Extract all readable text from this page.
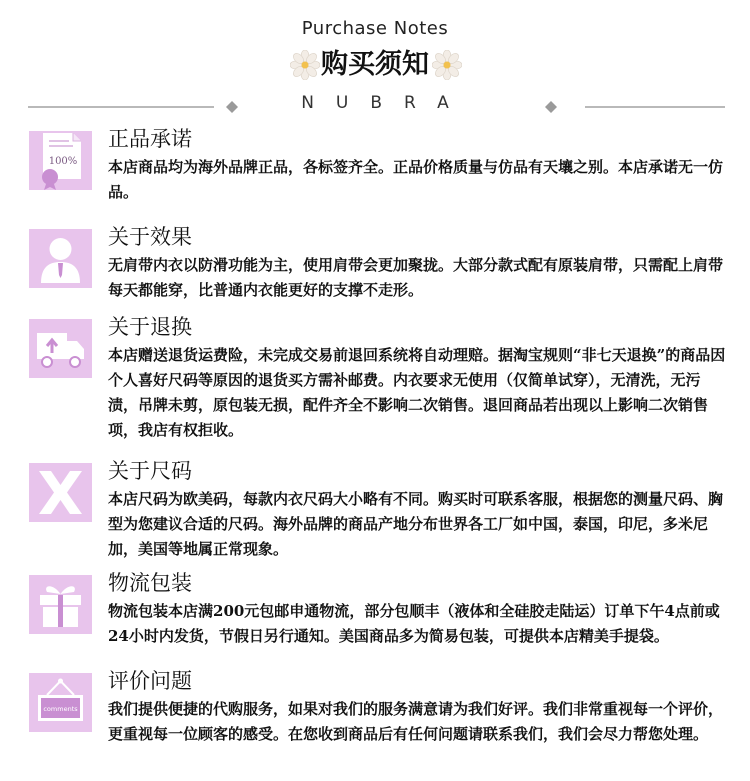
Purchase Notes
购买须知
NUBRA
100%
正品承诺
本店商品均为海外品牌正品，各标签齐全。正品价格质量与仿品有天壤之别。本店承诺无一仿品。
关于效果
无肩带内衣以防滑功能为主，使用肩带会更加聚拢。大部分款式配有原装肩带，只需配上肩带每天都能穿，比普通内衣能更好的支撑不走形。
关于退换
本店赠送退货运费险，未完成交易前退回系统将自动理赔。据淘宝规则“非七天退换”的商品因个人喜好尺码等原因的退货买方需补邮费。内衣要求无使用（仅简单试穿），无清洗，无污渍，吊牌未剪，原包装无损，配件齐全不影响二次销售。退回商品若出现以上影响二次销售项，我店有权拒收。
关于尺码
本店尺码为欧美码，每款内衣尺码大小略有不同。购买时可联系客服，根据您的测量尺码、胸型为您建议合适的尺码。海外品牌的商品产地分布世界各工厂如中国，泰国，印尼，多米尼加，美国等地属正常现象。
物流包装
物流包装本店满200元包邮申通物流，部分包顺丰（液体和全硅胶走陆运）订单下午4点前或24小时内发货，节假日另行通知。美国商品多为简易包装，可提供本店精美手提袋。
comments
评价问题
我们提供便捷的代购服务，如果对我们的服务满意请为我们好评。我们非常重视每一个评价，更重视每一位顾客的感受。在您收到商品后有任何问题请联系我们，我们会尽力帮您处理。
